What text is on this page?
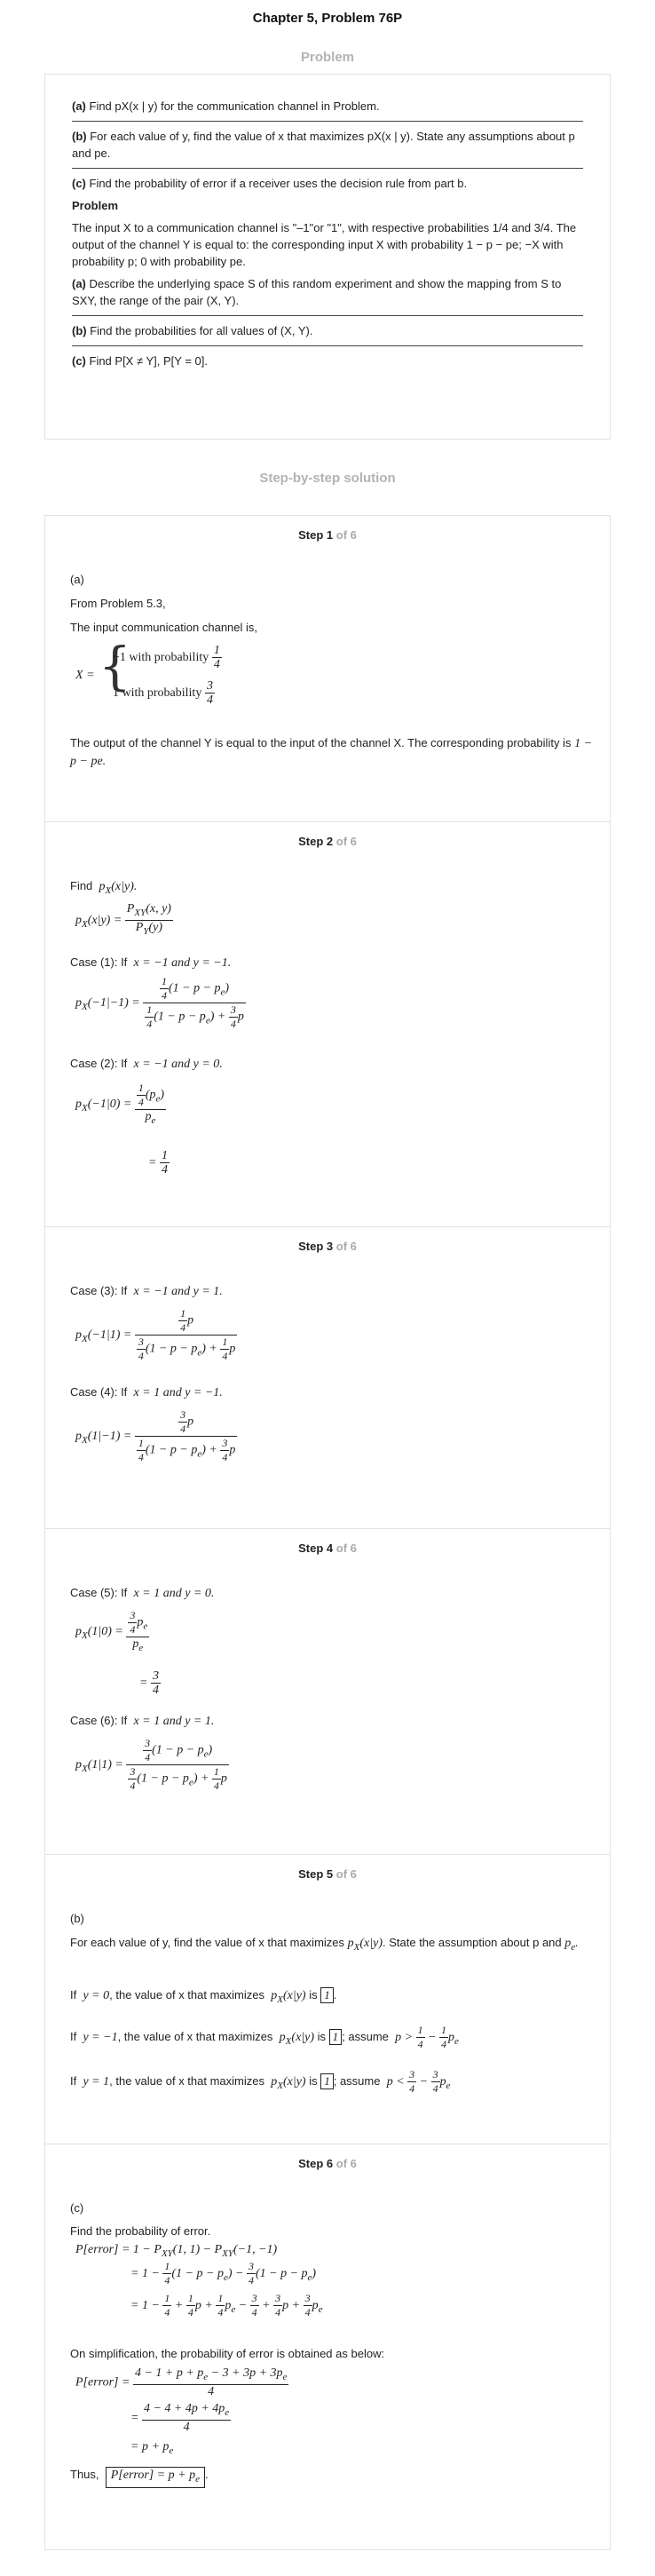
Chapter 5, Problem 76P
Problem

(a) Find pX(x | y) for the communication channel in Problem.

(b) For each value of y, find the value of x that maximizes pX(x | y). State any assumptions about p and pe.

(c) Find the probability of error if a receiver uses the decision rule from part b.

Problem

The input X to a communication channel is "–1"or "1", with respective probabilities 1/4 and 3/4. The output of the channel Y is equal to: the corresponding input X with probability 1 − p − pe; −X with probability p; 0 with probability pe.

(a) Describe the underlying space S of this random experiment and show the mapping from S to SXY, the range of the pair (X, Y).

(b) Find the probabilities for all values of (X, Y).

(c) Find P[X ≠ Y], P[Y = 0].

Step-by-step solution
Step 1 of 6
(a)
From Problem 5.3,
The input communication channel is,
X = {
−1 with probability $\frac{1}{4}$
1 with probability $\frac{3}{4}$
The output of the channel Y is equal to the input of the channel X. The corresponding probability is 1 − p − pe.
Step 2 of 6
Find $p_X(x|y)$.
$p_X(x|y) = \frac{P_{XY}(x, y)}{P_Y(y)}$
Case (1): If x = −1 and y = −1.
$p_X(-1|-1) = \frac{\frac{1}{4} (1 - p - p_e)}{\frac{1}{4} (1 - p - p_e) + \frac{3}{4} p}$
Case (2): If x = −1 and y = 0.
$p_X(-1|0) = \frac{\frac{1}{4} (p_e)}{p_e}$
= $\frac{1}{4}$
Step 3 of 6
Case (3): If x = −1 and y = 1.
$p_X(-1|1) = \frac{\frac{1}{4} p}{\frac{3}{4} (1 - p - p_e) + \frac{1}{4} p}$
Case (4): If x = 1 and y = −1.
$p_X(1|-1) = \frac{\frac{3}{4} p}{\frac{1}{4} (1 - p - p_e) + \frac{3}{4} p}$
Step 4 of 6
Case (5): If x = 1 and y = 0.
$p_X(1|0) = \frac{\frac{3}{4} p_e}{p_e}$
= $\frac{3}{4}$
Case (6): If x = 1 and y = 1.
$p_X(1|1) = \frac{\frac{3}{4} (1 - p - p_e)}{\frac{3}{4} (1 - p - p_e) + \frac{1}{4} p}$
Step 5 of 6
(b)
For each value of y, find the value of x that maximizes $p_X(x|y)$. State the assumption about p and $p_e$.
If y = 0, the value of x that maximizes $p_X(x|y)$ is 1 .
If y = −1, the value of x that maximizes $p_X(x|y)$ is 1 ; assume $p > \frac{1}{4} - \frac{1}{4} p_e$
If y = 1, the value of x that maximizes $p_X(x|y)$ is 1 ; assume $p < \frac{3}{4} - \frac{3}{4} p_e$
Step 6 of 6
(c)
Find the probability of error.
P[error] = $1 - P_{XY}(1$, $1) - P_{XY}(-1$, −1)
= $1 - \frac{1}{4} (1 - p - p_e) - \frac{3}{4} (1 - p - p_e)$
= $1 - \frac{1}{4} + \frac{1}{4}$ $p + \frac{1}{4} p_e - \frac{3}{4} + \frac{3}{4}$ $p + \frac{3}{4} p_e$
On simplification, the probability of error is obtained as below:
P[error] = $\frac{4 - 1 + p + p_e - 3 + 3p + 3p_e}{4}$
= $\frac{4 - 4 + 4p + 4p_e}{4}$
= $p + p_e$
Thus, P[error] = $p + p_e$ .
